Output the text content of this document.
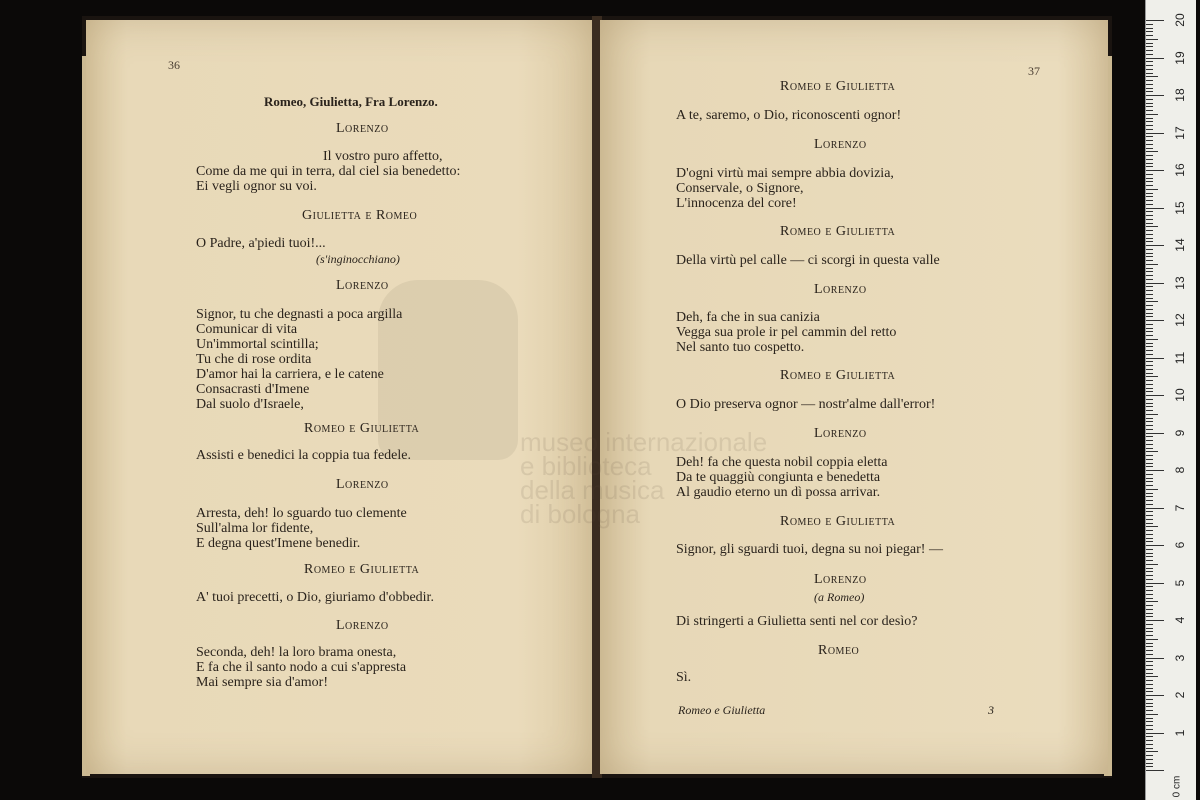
36
Romeo, Giulietta, Fra Lorenzo.
Lorenzo
Il vostro puro affetto,
Come da me qui in terra, dal ciel sia benedetto:
Ei vegli ognor su voi.
Giulietta e Romeo
O Padre, a'piedi tuoi!...
(s'inginocchiano)
Lorenzo
Signor, tu che degnasti a poca argilla
Comunicar di vita
Un'immortal scintilla;
Tu che di rose ordita
D'amor hai la carriera, e le catene
Consacrasti d'Imene
Dal suolo d'Israele,
Romeo e Giulietta
Assisti e benedici la coppia tua fedele.
Lorenzo
Arresta, deh! lo sguardo tuo clemente
Sull'alma lor fidente,
E degna quest'Imene benedir.
Romeo e Giulietta
A' tuoi precetti, o Dio, giuriamo d'obbedir.
Lorenzo
Seconda, deh! la loro brama onesta,
E fa che il santo nodo a cui s'appresta
Mai sempre sia d'amor!
37
Romeo e Giulietta
A te, saremo, o Dio, riconoscenti ognor!
Lorenzo
D'ogni virtù mai sempre abbia dovizia,
Conservale, o Signore,
L'innocenza del core!
Romeo e Giulietta
Della virtù pel calle — ci scorgi in questa valle
Lorenzo
Deh, fa che in sua canizia
Vegga sua prole ir pel cammin del retto
Nel santo tuo cospetto.
Romeo e Giulietta
O Dio preserva ognor — nostr'alme dall'error!
Lorenzo
Deh! fa che questa nobil coppia eletta
Da te quaggiù congiunta e benedetta
Al gaudio eterno un dì possa arrivar.
Romeo e Giulietta
Signor, gli sguardi tuoi, degna su noi piegar! —
Lorenzo
(a Romeo)
Di stringerti a Giulietta senti nel cor desìo?
Romeo
Sì.
Romeo e Giulietta	3
museo internazionale
e biblioteca
della musica
di bologna
0 cm
1
2
3
4
5
6
7
8
9
10
11
12
13
14
15
16
17
18
19
20
